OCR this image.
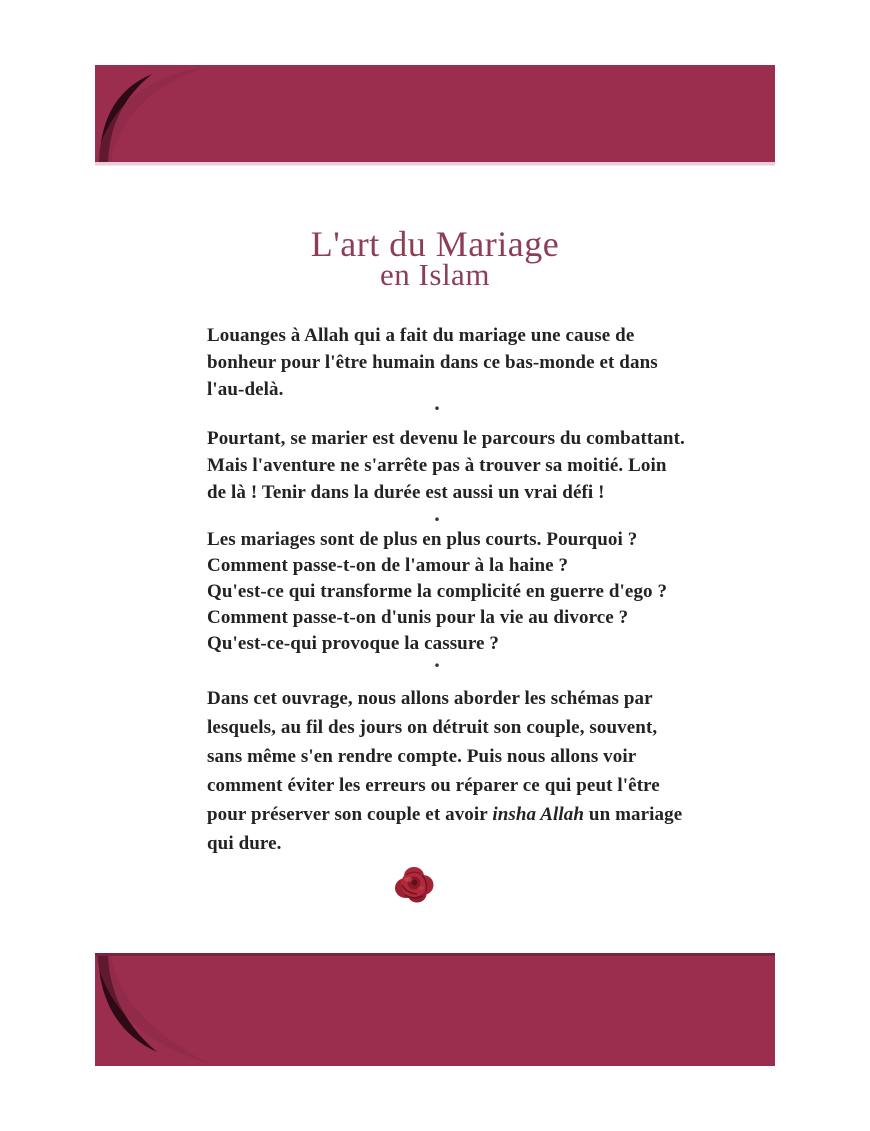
L'art du Mariage
en Islam
Louanges à Allah qui a fait du mariage une cause de
bonheur pour l'être humain dans ce bas-monde et dans
l'au-delà.
.
Pourtant, se marier est devenu le parcours du combattant.
Mais l'aventure ne s'arrête pas à trouver sa moitié. Loin
de là ! Tenir dans la durée est aussi un vrai défi !
.
Les mariages sont de plus en plus courts. Pourquoi ?
Comment passe-t-on de l'amour à la haine ?
Qu'est-ce qui transforme la complicité en guerre d'ego ?
Comment passe-t-on d'unis pour la vie au divorce ?
Qu'est-ce-qui provoque la cassure ?
.
Dans cet ouvrage, nous allons aborder les schémas par
lesquels, au fil des jours on détruit son couple, souvent,
sans même s'en rendre compte. Puis nous allons voir
comment éviter les erreurs ou réparer ce qui peut l'être
pour préserver son couple et avoir insha Allah un mariage
qui dure.
